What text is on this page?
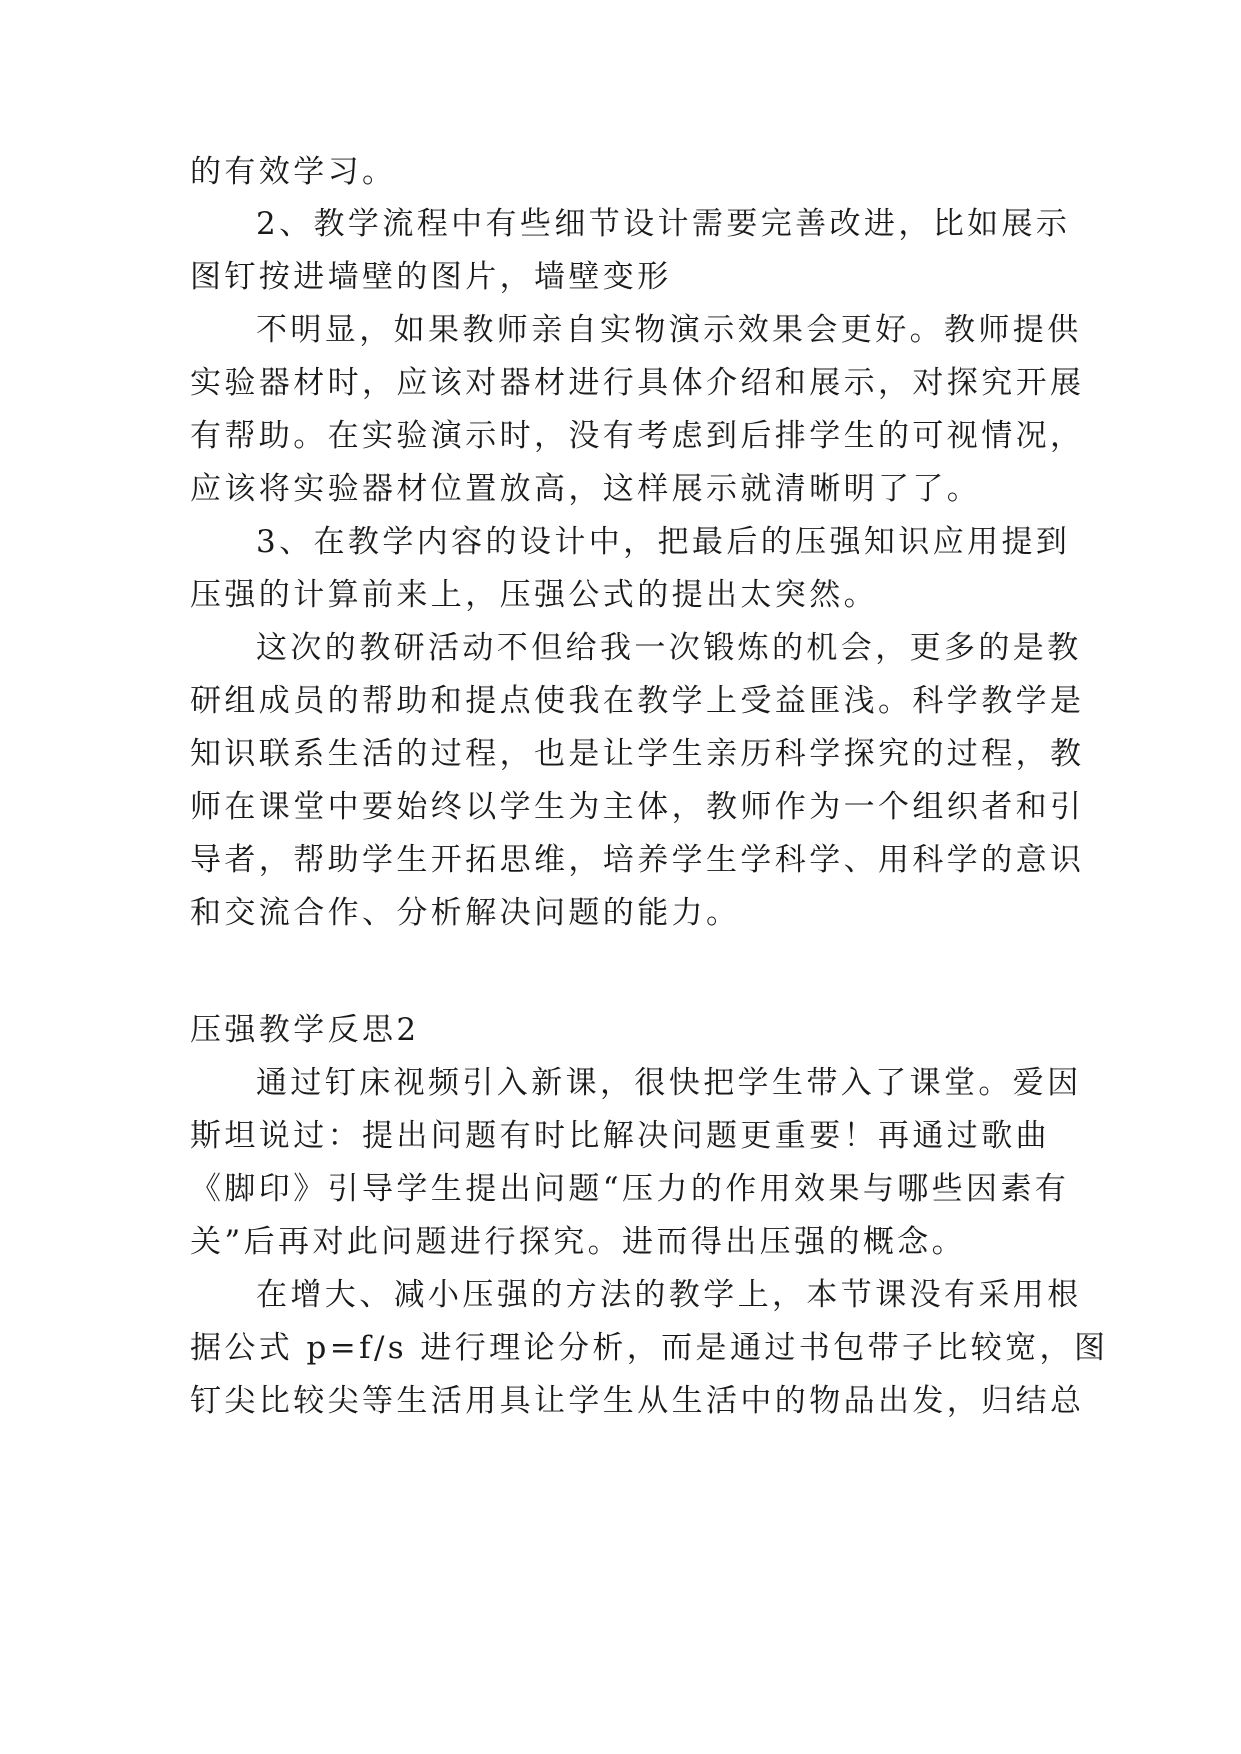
的有效学习。
2、教学流程中有些细节设计需要完善改进，比如展示
图钉按进墙壁的图片，墙壁变形
不明显，如果教师亲自实物演示效果会更好。教师提供
实验器材时，应该对器材进行具体介绍和展示，对探究开展
有帮助。在实验演示时，没有考虑到后排学生的可视情况，
应该将实验器材位置放高，这样展示就清晰明了了。
3、在教学内容的设计中，把最后的压强知识应用提到
压强的计算前来上，压强公式的提出太突然。
这次的教研活动不但给我一次锻炼的机会，更多的是教
研组成员的帮助和提点使我在教学上受益匪浅。科学教学是
知识联系生活的过程，也是让学生亲历科学探究的过程，教
师在课堂中要始终以学生为主体，教师作为一个组织者和引
导者，帮助学生开拓思维，培养学生学科学、用科学的意识
和交流合作、分析解决问题的能力。
压强教学反思2
通过钉床视频引入新课，很快把学生带入了课堂。爱因
斯坦说过：提出问题有时比解决问题更重要！再通过歌曲
《脚印》引导学生提出问题“压力的作用效果与哪些因素有
关”后再对此问题进行探究。进而得出压强的概念。
在增大、减小压强的方法的教学上，本节课没有采用根
据公式 p=f/s 进行理论分析，而是通过书包带子比较宽，图
钉尖比较尖等生活用具让学生从生活中的物品出发，归结总
